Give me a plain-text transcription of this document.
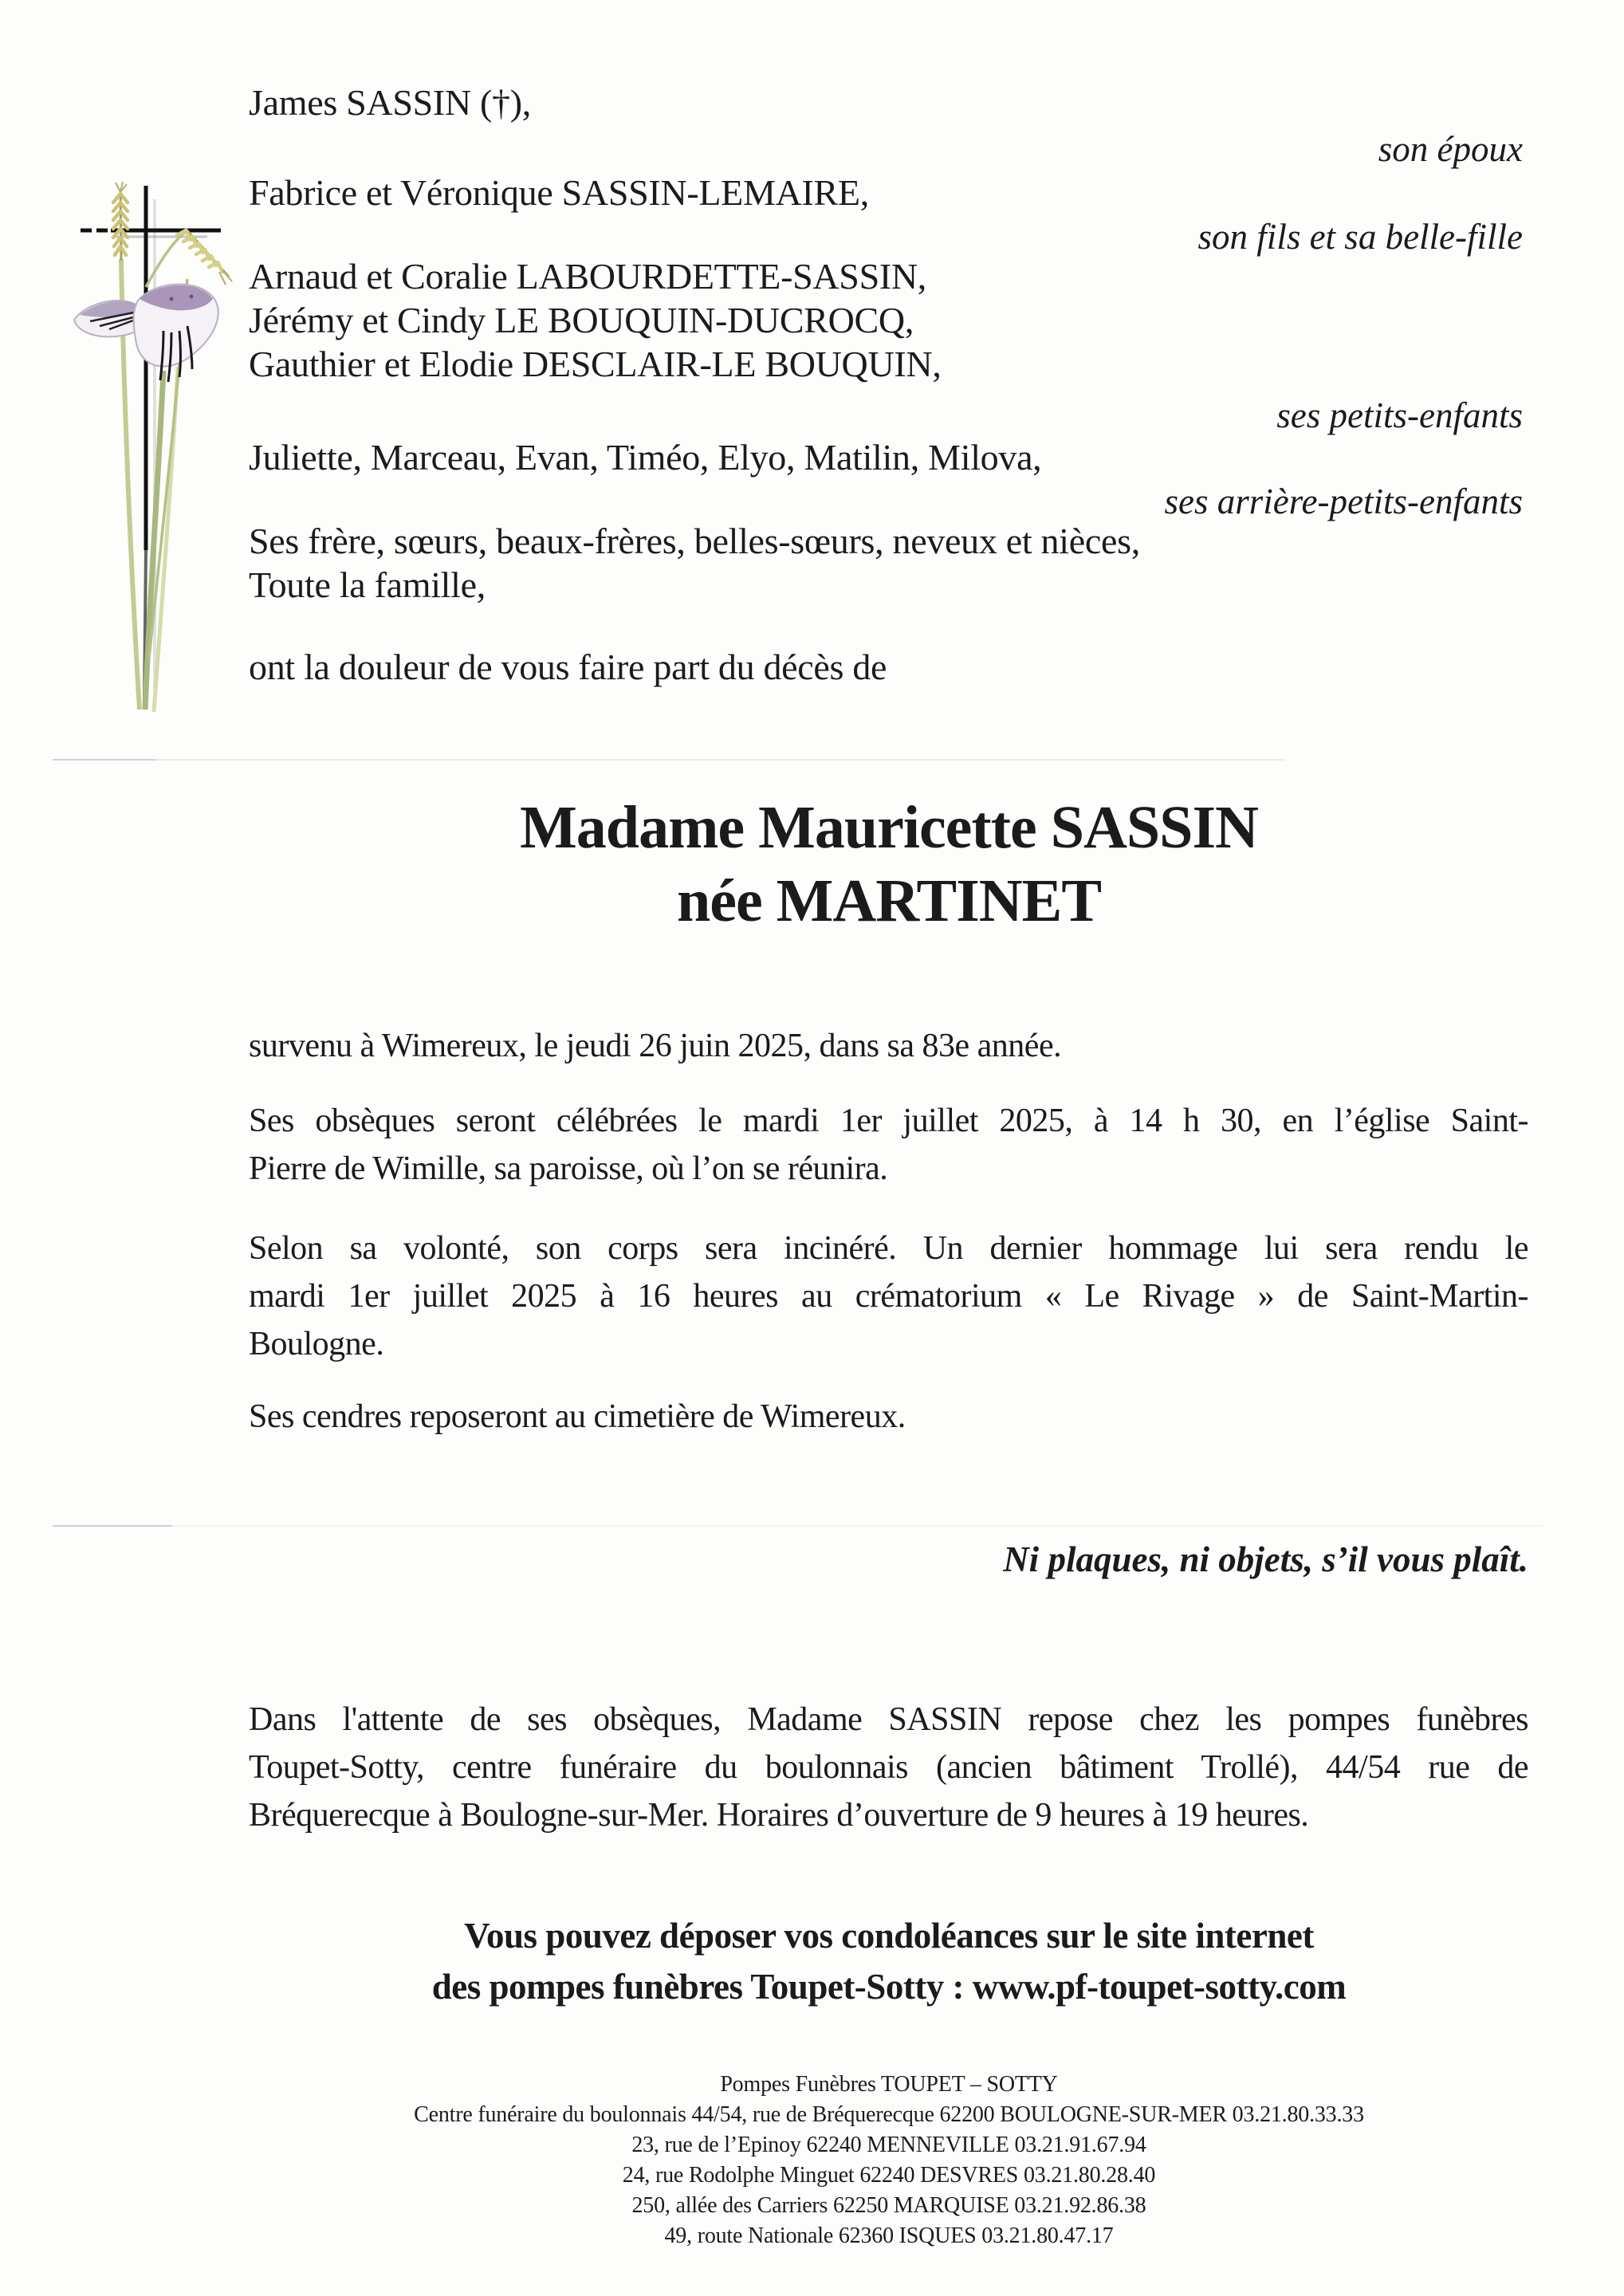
James SASSIN (†),
son époux
Fabrice et Véronique SASSIN-LEMAIRE,
son fils et sa belle-fille
Arnaud et Coralie LABOURDETTE-SASSIN,
Jérémy et Cindy LE BOUQUIN-DUCROCQ,
Gauthier et Elodie DESCLAIR-LE BOUQUIN,
ses petits-enfants
Juliette, Marceau, Evan, Timéo, Elyo, Matilin, Milova,
ses arrière-petits-enfants
Ses frère, sœurs, beaux-frères, belles-sœurs, neveux et nièces,
Toute la famille,
ont la douleur de vous faire part du décès de
Madame Mauricette SASSIN
née MARTINET
survenu à Wimereux, le jeudi 26 juin 2025, dans sa 83e année.
Ses obsèques seront célébrées le mardi 1er juillet 2025, à 14 h 30, en l’église Saint-
Pierre de Wimille, sa paroisse, où l’on se réunira.
Selon sa volonté, son corps sera incinéré. Un dernier hommage lui sera rendu le
mardi 1er juillet 2025 à 16 heures au crématorium « Le Rivage » de Saint-Martin-
Boulogne.
Ses cendres reposeront au cimetière de Wimereux.
Ni plaques, ni objets, s’il vous plaît.
Dans l'attente de ses obsèques, Madame SASSIN repose chez les pompes funèbres
Toupet-Sotty, centre funéraire du boulonnais (ancien bâtiment Trollé), 44/54 rue de
Bréquerecque à Boulogne-sur-Mer. Horaires d’ouverture de 9 heures à 19 heures.
Vous pouvez déposer vos condoléances sur le site internet
des pompes funèbres Toupet-Sotty : www.pf-toupet-sotty.com
Pompes Funèbres TOUPET – SOTTY
Centre funéraire du boulonnais 44/54, rue de Bréquerecque 62200 BOULOGNE-SUR-MER 03.21.80.33.33
23, rue de l’Epinoy 62240 MENNEVILLE 03.21.91.67.94
24, rue Rodolphe Minguet 62240 DESVRES 03.21.80.28.40
250, allée des Carriers 62250 MARQUISE 03.21.92.86.38
49, route Nationale 62360 ISQUES 03.21.80.47.17
